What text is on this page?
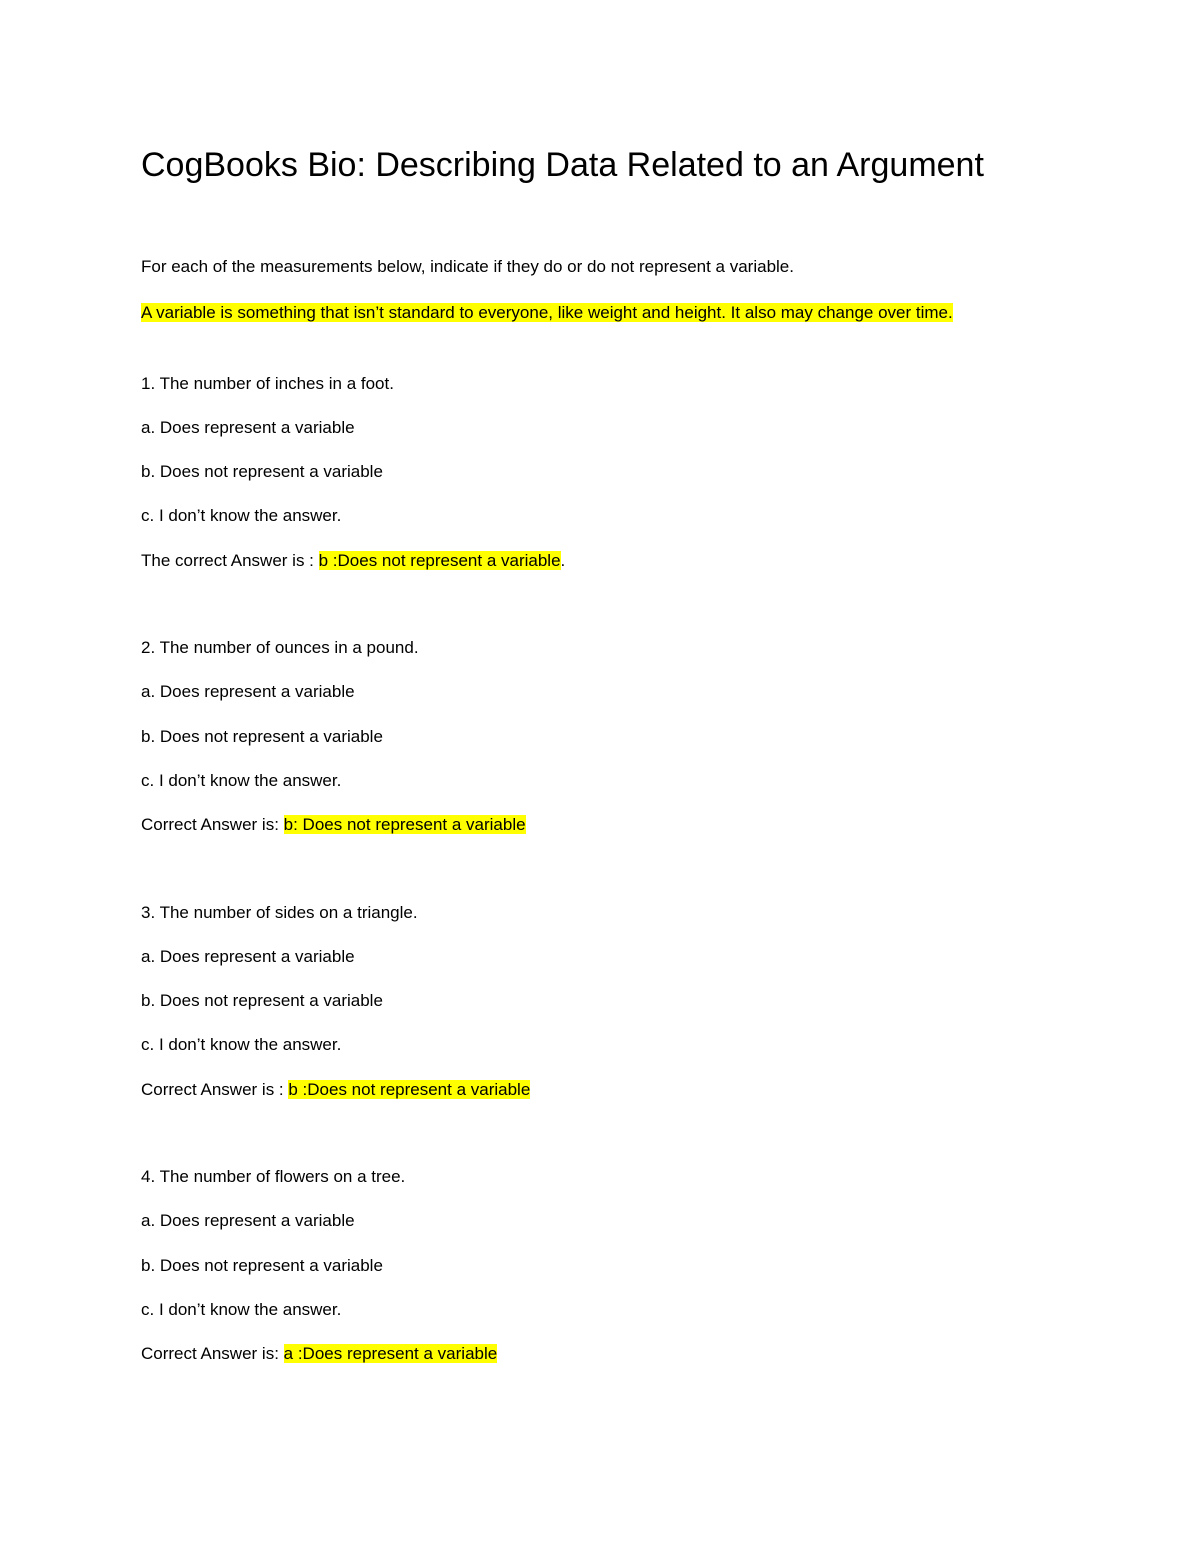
CogBooks Bio: Describing Data Related to an Argument
For each of the measurements below, indicate if they do or do not represent a variable.
A variable is something that isn’t standard to everyone, like weight and height. It also may change over time.
1. The number of inches in a foot.
a. Does represent a variable
b. Does not represent a variable
c. I don’t know the answer.
The correct Answer is : b :Does not represent a variable.
2. The number of ounces in a pound.
a. Does represent a variable
b. Does not represent a variable
c. I don’t know the answer.
Correct Answer is: b: Does not represent a variable
3. The number of sides on a triangle.
a. Does represent a variable
b. Does not represent a variable
c. I don’t know the answer.
Correct Answer is : b :Does not represent a variable
4. The number of flowers on a tree.
a. Does represent a variable
b. Does not represent a variable
c. I don’t know the answer.
Correct Answer is: a :Does represent a variable
